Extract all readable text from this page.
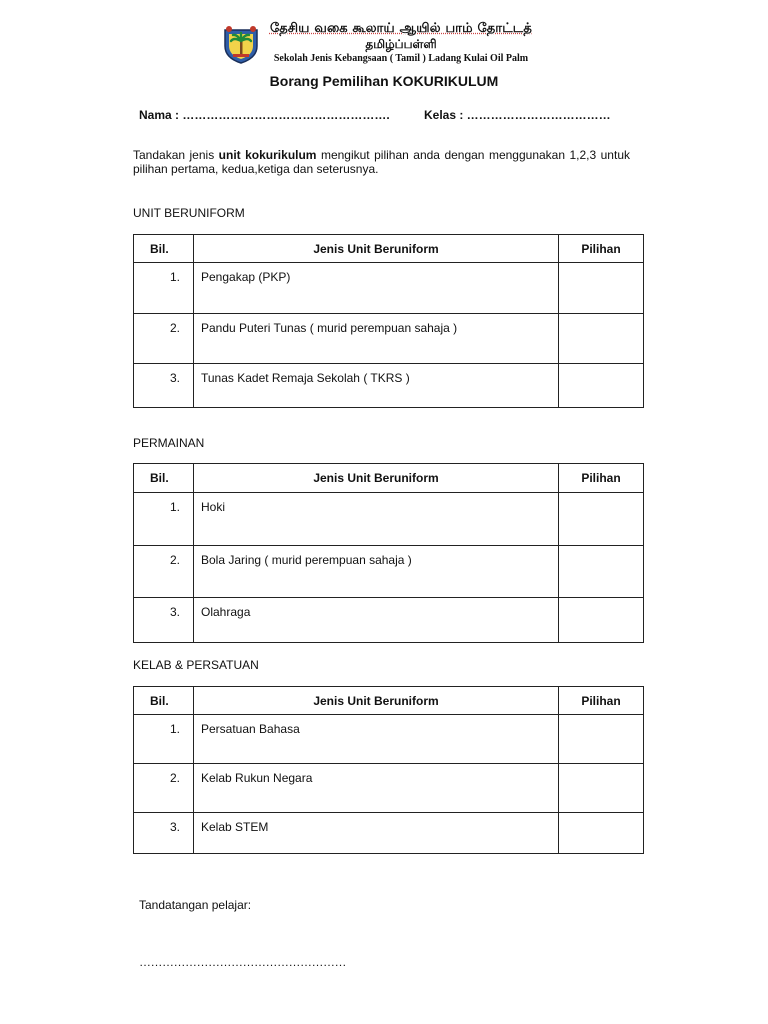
தேசிய வகை கூலாய் ஆயில் பாம் தோட்டத்
தமிழ்ப்பள்ளி
Sekolah Jenis Kebangsaan ( Tamil ) Ladang Kulai Oil Palm
Borang Pemilihan KOKURIKULUM
Nama : …………………………………………….	Kelas : ………………………………
Tandakan jenis unit kokurikulum mengikut pilihan anda dengan menggunakan 1,2,3 untuk pilihan pertama, kedua,ketiga dan seterusnya.
UNIT BERUNIFORM
Bil.	Jenis Unit Beruniform	Pilihan
1.	Pengakap (PKP)	
2.	Pandu Puteri Tunas ( murid perempuan sahaja )	
3.	Tunas Kadet Remaja Sekolah ( TKRS )	
PERMAINAN
Bil.	Jenis Unit Beruniform	Pilihan
1.	Hoki	
2.	Bola Jaring ( murid perempuan sahaja )	
3.	Olahraga	
KELAB & PERSATUAN
Bil.	Jenis Unit Beruniform	Pilihan
1.	Persatuan Bahasa	
2.	Kelab Rukun Negara	
3.	Kelab STEM	
Tandatangan pelajar:
………………………………………………
